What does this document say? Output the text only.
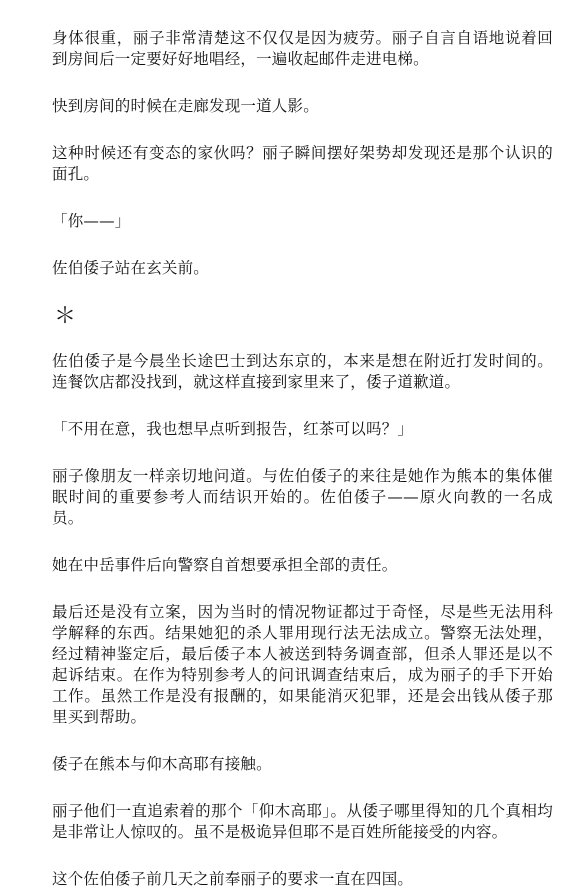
身体很重，丽子非常清楚这不仅仅是因为疲劳。丽子自言自语地说着回到房间后一定要好好地唱经，一遍收起邮件走进电梯。

快到房间的时候在走廊发现一道人影。

这种时候还有变态的家伙吗？丽子瞬间摆好架势却发现还是那个认识的面孔。

「你——」

佐伯倭子站在玄关前。

＊

佐伯倭子是今晨坐长途巴士到达东京的，本来是想在附近打发时间的。连餐饮店都没找到，就这样直接到家里来了，倭子道歉道。

「不用在意，我也想早点听到报告，红茶可以吗？」

丽子像朋友一样亲切地问道。与佐伯倭子的来往是她作为熊本的集体催眠时间的重要参考人而结识开始的。佐伯倭子——原火向教的一名成员。

她在中岳事件后向警察自首想要承担全部的责任。

最后还是没有立案，因为当时的情况物证都过于奇怪，尽是些无法用科学解释的东西。结果她犯的杀人罪用现行法无法成立。警察无法处理，经过精神鉴定后，最后倭子本人被送到特务调查部，但杀人罪还是以不起诉结束。在作为特别参考人的问讯调查结束后，成为丽子的手下开始工作。虽然工作是没有报酬的，如果能消灭犯罪，还是会出钱从倭子那里买到帮助。

倭子在熊本与仰木高耶有接触。

丽子他们一直追索着的那个「仰木高耶」。从倭子哪里得知的几个真相均是非常让人惊叹的。虽不是极诡异但耶不是百姓所能接受的内容。

这个佐伯倭子前几天之前奉丽子的要求一直在四国。
